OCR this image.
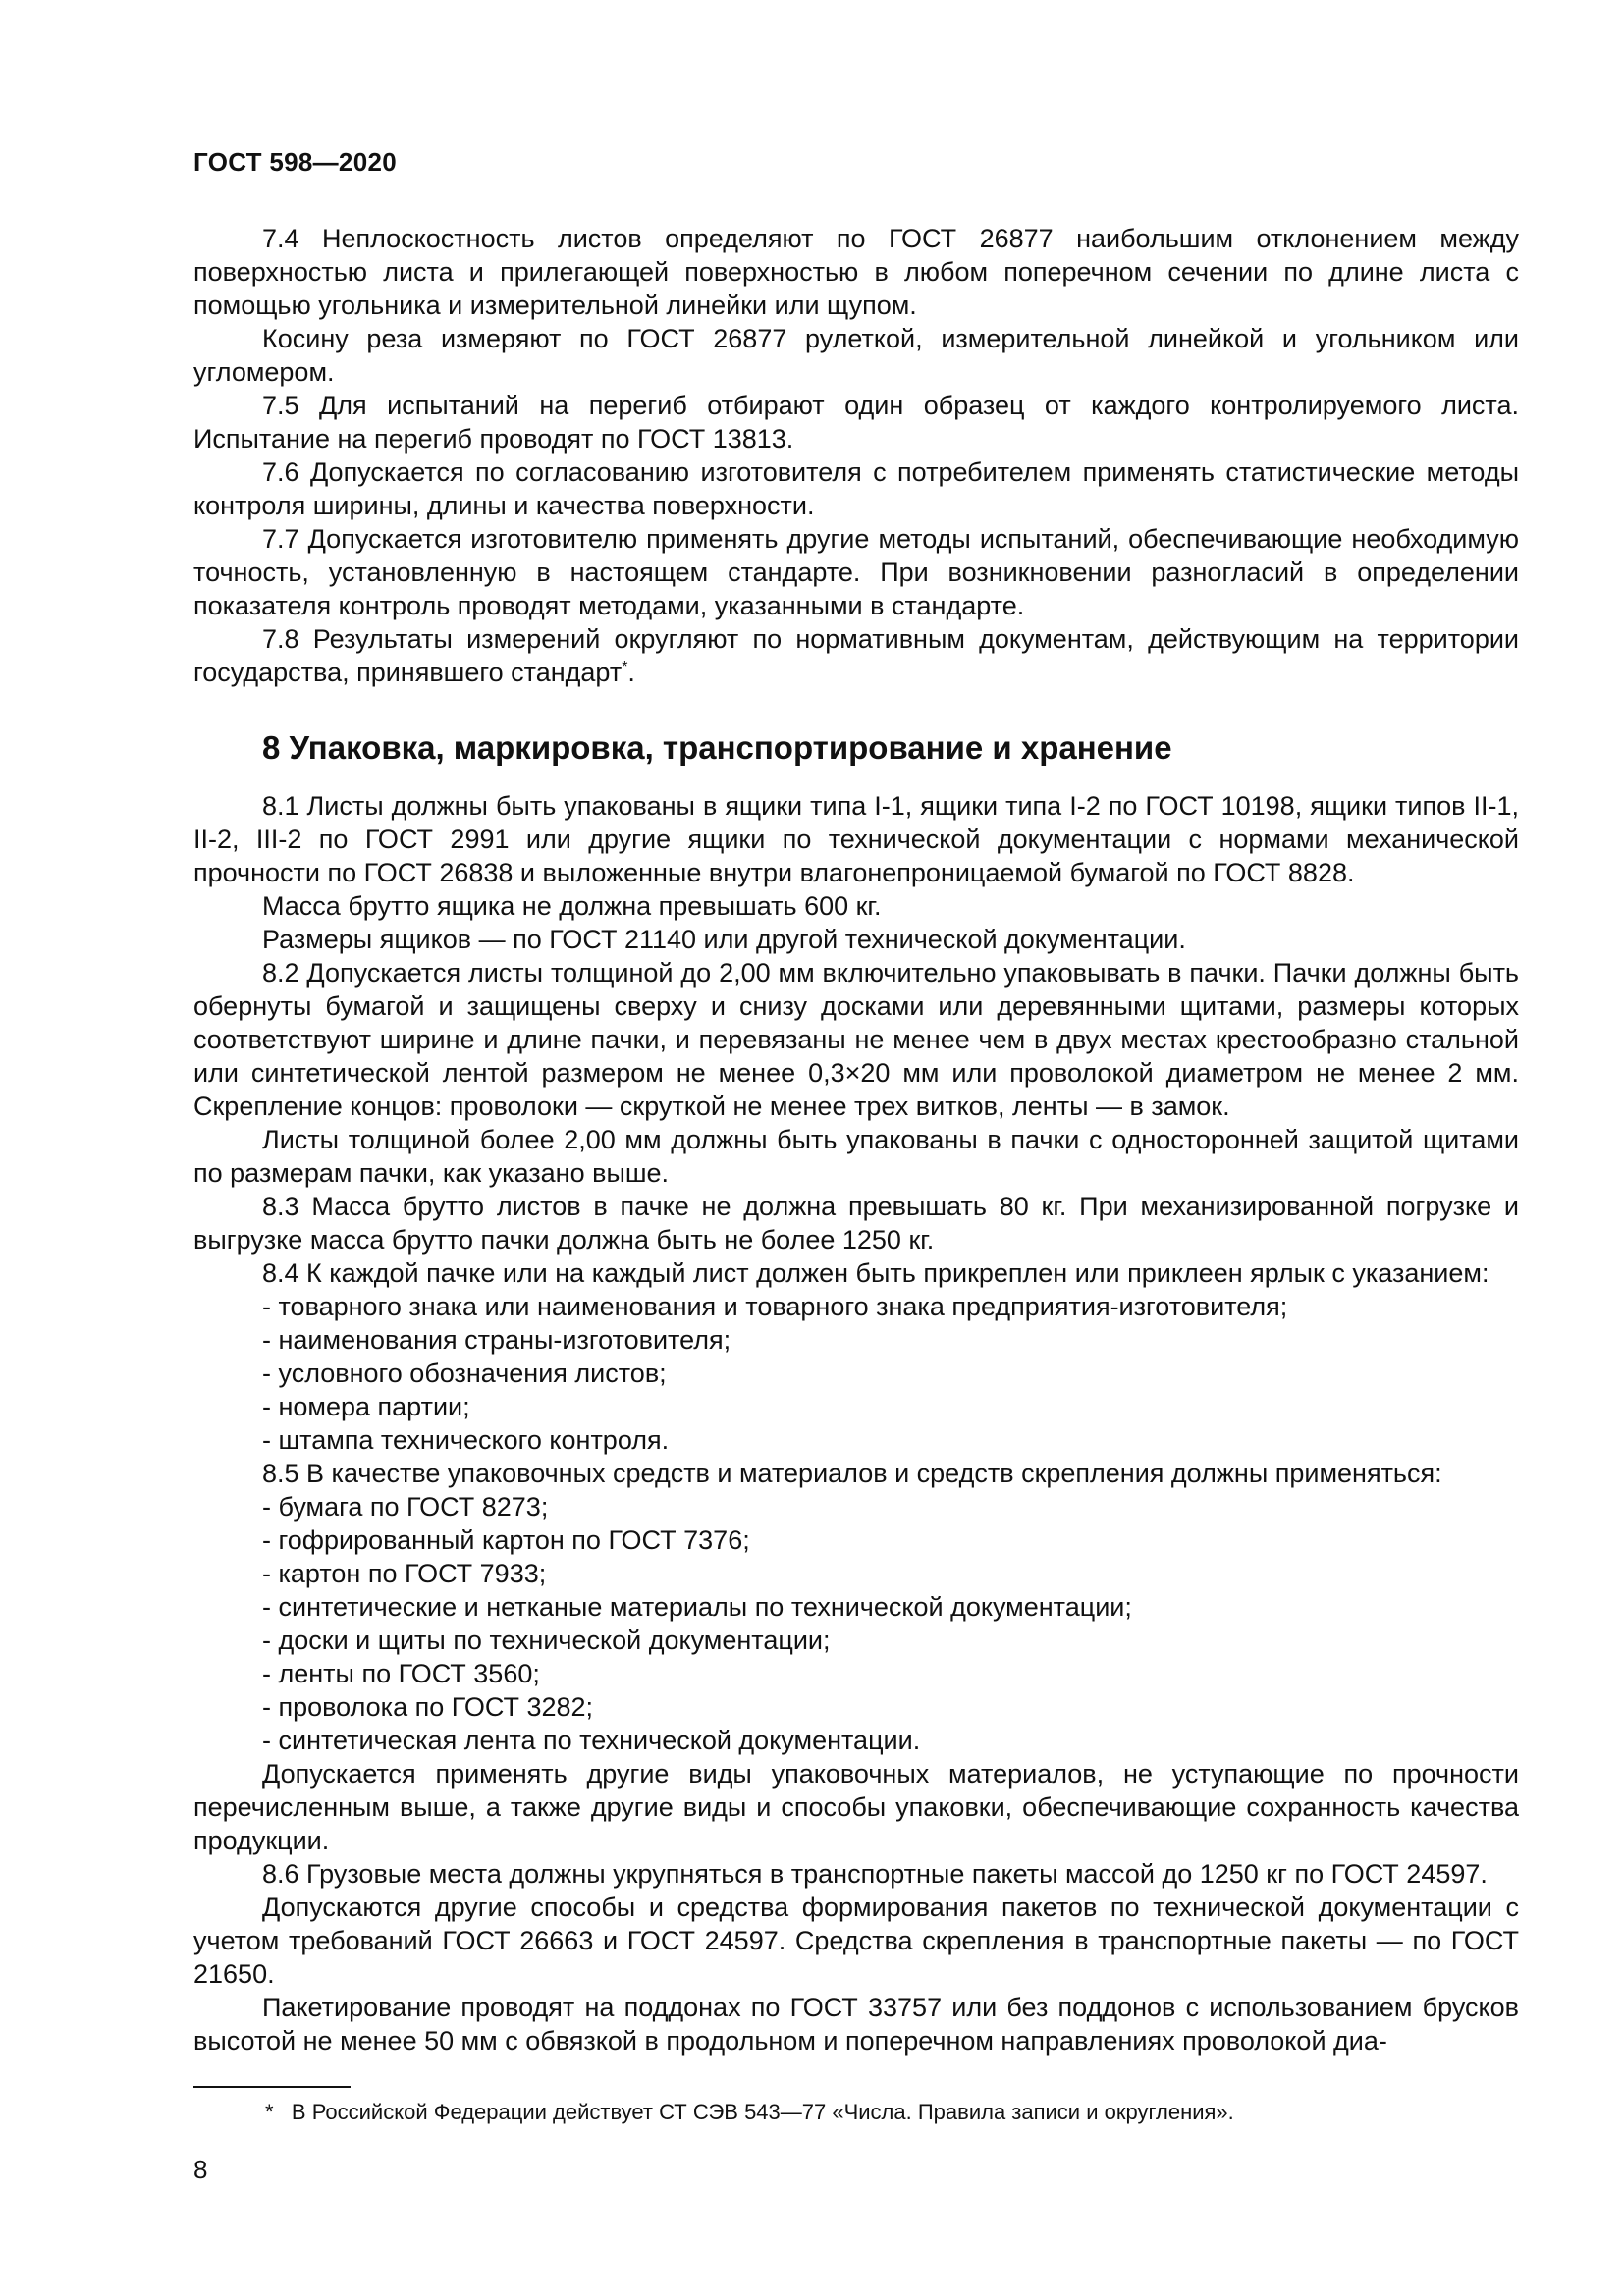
ГОСТ 598—2020

7.4 Неплоскостность листов определяют по ГОСТ 26877 наибольшим отклонением между поверхностью листа и прилегающей поверхностью в любом поперечном сечении по длине листа с помощью угольника и измерительной линейки или щупом.

Косину реза измеряют по ГОСТ 26877 рулеткой, измерительной линейкой и угольником или угломером.

7.5 Для испытаний на перегиб отбирают один образец от каждого контролируемого листа. Испытание на перегиб проводят по ГОСТ 13813.

7.6 Допускается по согласованию изготовителя с потребителем применять статистические методы контроля ширины, длины и качества поверхности.

7.7 Допускается изготовителю применять другие методы испытаний, обеспечивающие необходимую точность, установленную в настоящем стандарте. При возникновении разногласий в определении показателя контроль проводят методами, указанными в стандарте.

7.8 Результаты измерений округляют по нормативным документам, действующим на территории государства, принявшего стандарт*.

8 Упаковка, маркировка, транспортирование и хранение

8.1 Листы должны быть упакованы в ящики типа I-1, ящики типа I-2 по ГОСТ 10198, ящики типов II-1, II-2, III-2 по ГОСТ 2991 или другие ящики по технической документации с нормами механической прочности по ГОСТ 26838 и выложенные внутри влагонепроницаемой бумагой по ГОСТ 8828.

Масса брутто ящика не должна превышать 600 кг.

Размеры ящиков — по ГОСТ 21140 или другой технической документации.

8.2 Допускается листы толщиной до 2,00 мм включительно упаковывать в пачки. Пачки должны быть обернуты бумагой и защищены сверху и снизу досками или деревянными щитами, размеры которых соответствуют ширине и длине пачки, и перевязаны не менее чем в двух местах крестообразно стальной или синтетической лентой размером не менее 0,3×20 мм или проволокой диаметром не менее 2 мм. Скрепление концов: проволоки — скруткой не менее трех витков, ленты — в замок.

Листы толщиной более 2,00 мм должны быть упакованы в пачки с односторонней защитой щитами по размерам пачки, как указано выше.

8.3 Масса брутто листов в пачке не должна превышать 80 кг. При механизированной погрузке и выгрузке масса брутто пачки должна быть не более 1250 кг.

8.4 К каждой пачке или на каждый лист должен быть прикреплен или приклеен ярлык с указанием:

- товарного знака или наименования и товарного знака предприятия-изготовителя;

- наименования страны-изготовителя;

- условного обозначения листов;

- номера партии;

- штампа технического контроля.

8.5 В качестве упаковочных средств и материалов и средств скрепления должны применяться:

- бумага по ГОСТ 8273;

- гофрированный картон по ГОСТ 7376;

- картон по ГОСТ 7933;

- синтетические и нетканые материалы по технической документации;

- доски и щиты по технической документации;

- ленты по ГОСТ 3560;

- проволока по ГОСТ 3282;

- синтетическая лента по технической документации.

Допускается применять другие виды упаковочных материалов, не уступающие по прочности перечисленным выше, а также другие виды и способы упаковки, обеспечивающие сохранность качества продукции.

8.6 Грузовые места должны укрупняться в транспортные пакеты массой до 1250 кг по ГОСТ 24597.

Допускаются другие способы и средства формирования пакетов по технической документации с учетом требований ГОСТ 26663 и ГОСТ 24597. Средства скрепления в транспортные пакеты — по ГОСТ 21650.

Пакетирование проводят на поддонах по ГОСТ 33757 или без поддонов с использованием брусков высотой не менее 50 мм с обвязкой в продольном и поперечном направлениях проволокой диа-

* В Российской Федерации действует СТ СЭВ 543—77 «Числа. Правила записи и округления».
8
